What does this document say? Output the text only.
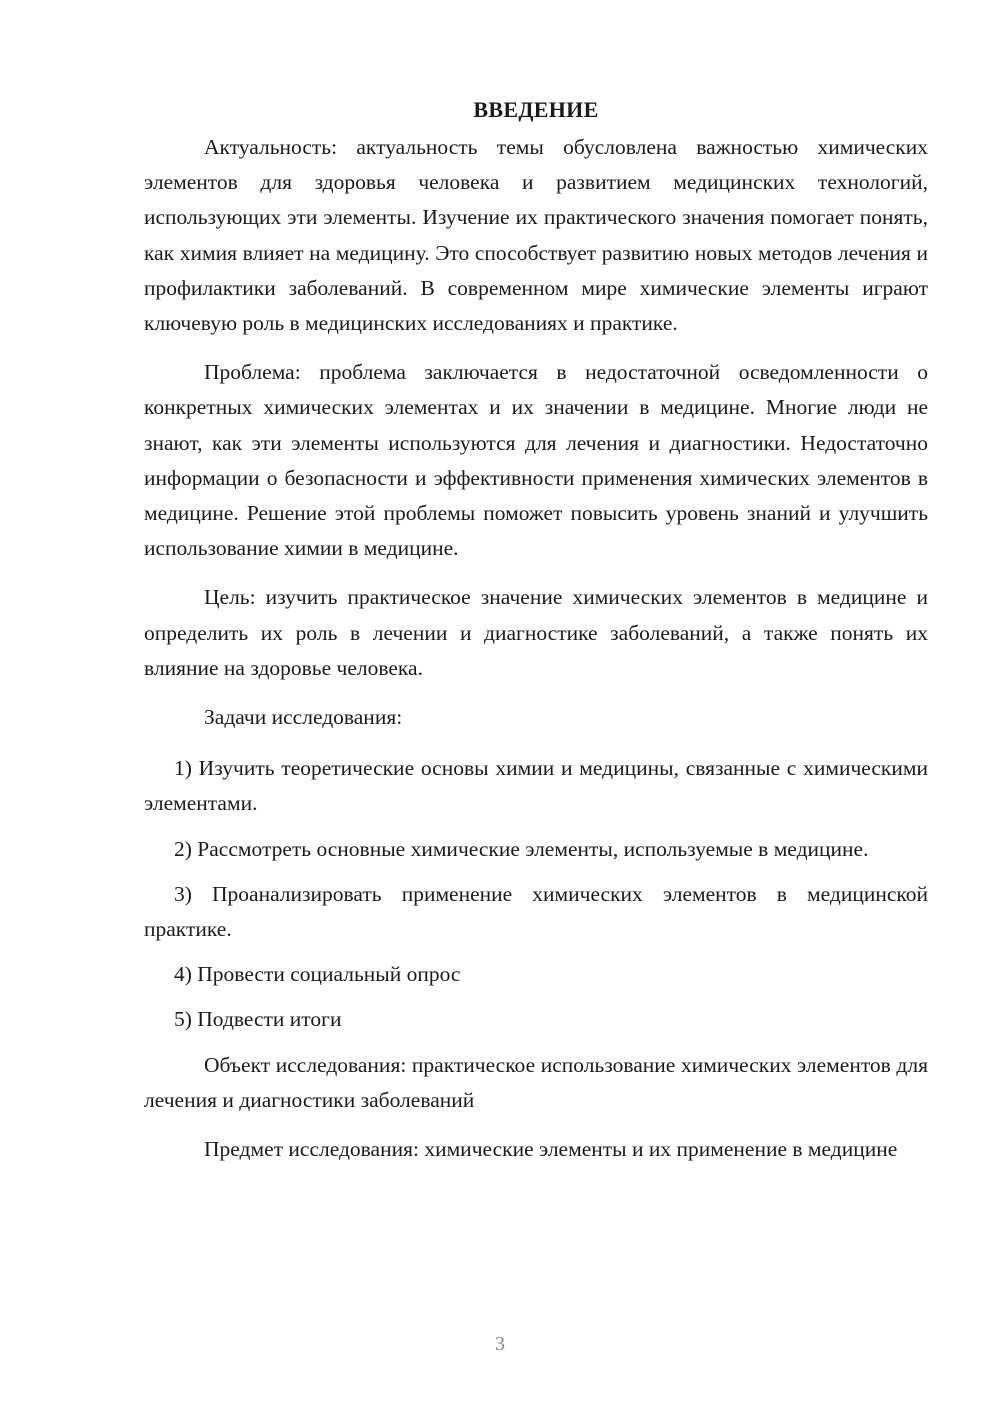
ВВЕДЕНИЕ

Актуальность: актуальность темы обусловлена важностью химических элементов для здоровья человека и развитием медицинских технологий, использующих эти элементы. Изучение их практического значения помогает понять, как химия влияет на медицину. Это способствует развитию новых методов лечения и профилактики заболеваний. В современном мире химические элементы играют ключевую роль в медицинских исследованиях и практике.

Проблема: проблема заключается в недостаточной осведомленности о конкретных химических элементах и их значении в медицине. Многие люди не знают, как эти элементы используются для лечения и диагностики. Недостаточно информации о безопасности и эффективности применения химических элементов в медицине. Решение этой проблемы поможет повысить уровень знаний и улучшить использование химии в медицине.

Цель: изучить практическое значение химических элементов в медицине и определить их роль в лечении и диагностике заболеваний, а также понять их влияние на здоровье человека.

Задачи исследования:

1) Изучить теоретические основы химии и медицины, связанные с химическими элементами.

2) Рассмотреть основные химические элементы, используемые в медицине.

3) Проанализировать применение химических элементов в медицинской практике.

4) Провести социальный опрос

5) Подвести итоги

Объект исследования: практическое использование химических элементов для лечения и диагностики заболеваний

Предмет исследования: химические элементы и их применение в медицине

3
